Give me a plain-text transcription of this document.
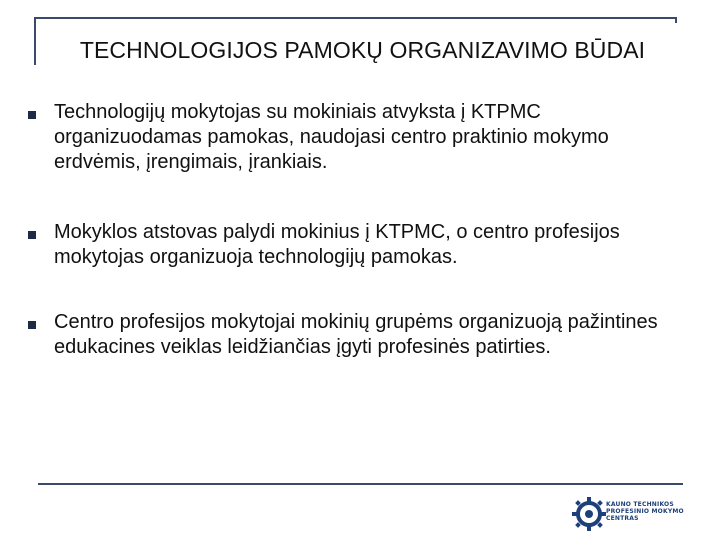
TECHNOLOGIJOS PAMOKŲ ORGANIZAVIMO BŪDAI
Technologijų mokytojas su mokiniais atvyksta į KTPMC organizuodamas pamokas, naudojasi centro praktinio mokymo erdvėmis, įrengimais, įrankiais.
Mokyklos atstovas palydi mokinius į KTPMC, o centro profesijos mokytojas organizuoja technologijų pamokas.
Centro profesijos mokytojai mokinių grupėms organizuoją pažintines edukacines veiklas leidžiančias įgyti profesinės patirties.
KAUNO TECHNIKOS
PROFESINIO MOKYMO
CENTRAS
